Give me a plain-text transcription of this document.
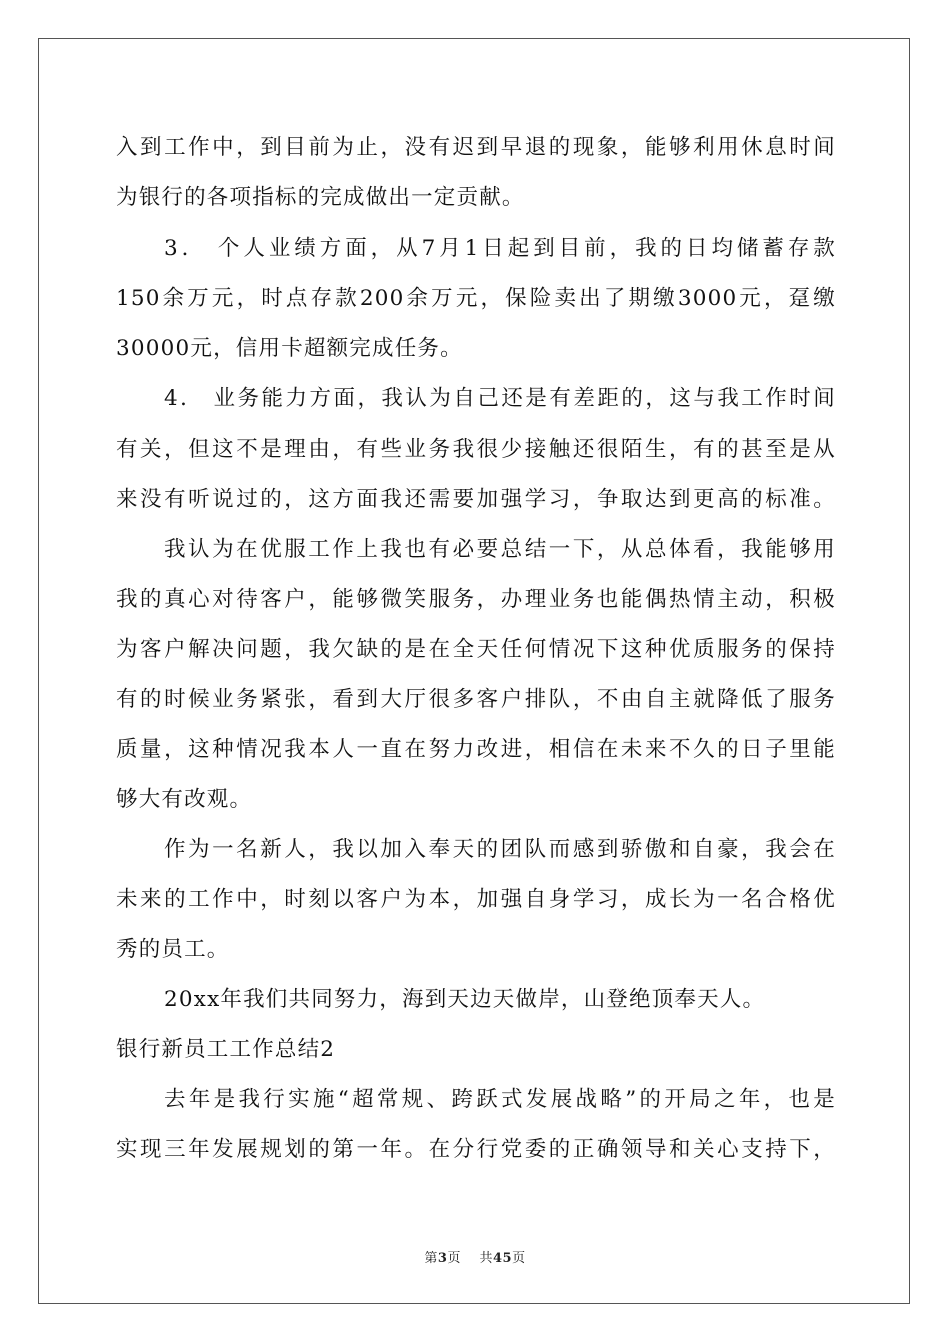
入到工作中，到目前为止，没有迟到早退的现象，能够利用休息时间
为银行的各项指标的完成做出一定贡献。
3． 个人业绩方面，从7月1日起到目前，我的日均储蓄存款
150余万元，时点存款200余万元，保险卖出了期缴3000元，趸缴
30000元，信用卡超额完成任务。
4． 业务能力方面，我认为自己还是有差距的，这与我工作时间
有关，但这不是理由，有些业务我很少接触还很陌生，有的甚至是从
来没有听说过的，这方面我还需要加强学习，争取达到更高的标准。
我认为在优服工作上我也有必要总结一下，从总体看，我能够用
我的真心对待客户，能够微笑服务，办理业务也能偶热情主动，积极
为客户解决问题，我欠缺的是在全天任何情况下这种优质服务的保持
有的时候业务紧张，看到大厅很多客户排队，不由自主就降低了服务
质量，这种情况我本人一直在努力改进，相信在未来不久的日子里能
够大有改观。
作为一名新人，我以加入奉天的团队而感到骄傲和自豪，我会在
未来的工作中，时刻以客户为本，加强自身学习，成长为一名合格优
秀的员工。
20xx年我们共同努力，海到天边天做岸，山登绝顶奉天人。
银行新员工工作总结2
去年是我行实施“超常规、跨跃式发展战略”的开局之年，也是
实现三年发展规划的第一年。在分行党委的正确领导和关心支持下，
第3页 共45页
